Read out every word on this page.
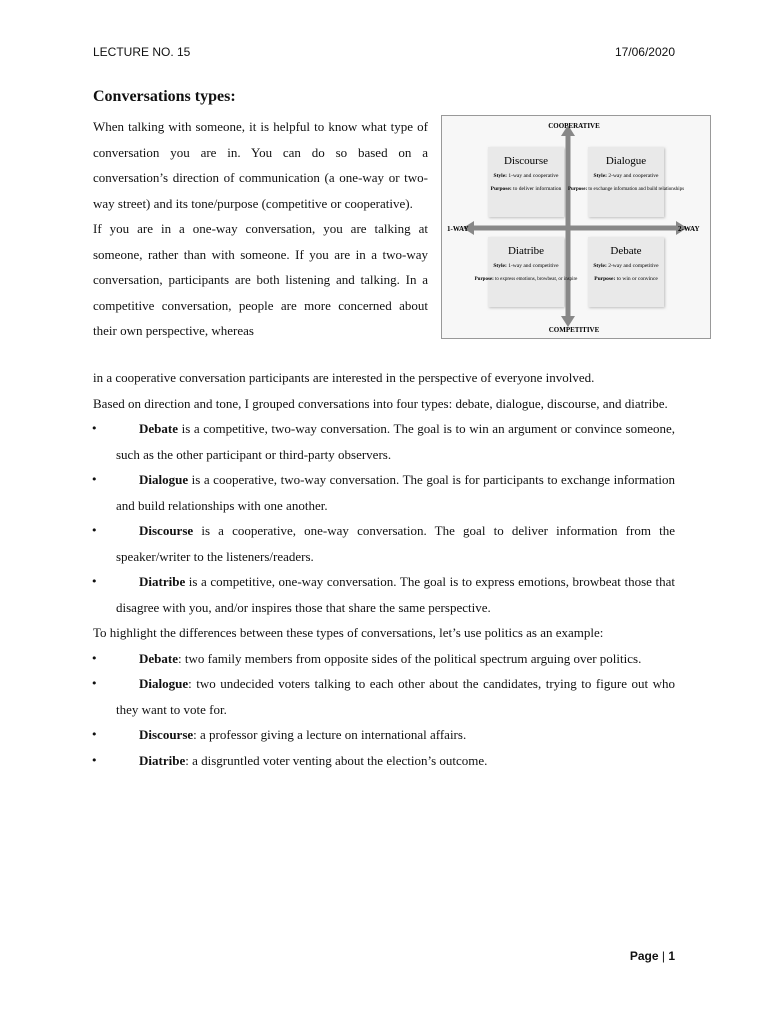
LECTURE NO. 15	17/06/2020
Conversations types:

When talking with someone, it is helpful to know what type of conversation you are in. You can do so based on a conversation’s direction of communication (a one-way or two-way street) and its tone/purpose (competitive or cooperative).

If you are in a one-way conversation, you are talking at someone, rather than with someone. If you are in a two-way conversation, participants are both listening and talking. In a competitive conversation, people are more concerned about their own perspective, whereas

COOPERATIVE
COMPETITIVE
1-WAY	2-WAY
Discourse
Style: 1-way and cooperative
Purpose: to deliver information
Dialogue
Style: 2-way and cooperative
Purpose: to exchange information and build relationships
Diatribe
Style: 1-way and competitive
Purpose: to express emotions, browbeat, or inspire
Debate
Style: 2-way and competitive
Purpose: to win or convince

in a cooperative conversation participants are interested in the perspective of everyone involved.

Based on direction and tone, I grouped conversations into four types: debate, dialogue, discourse, and diatribe.

• Debate is a competitive, two-way conversation. The goal is to win an argument or convince someone, such as the other participant or third-party observers.

• Dialogue is a cooperative, two-way conversation. The goal is for participants to exchange information and build relationships with one another.

• Discourse is a cooperative, one-way conversation. The goal to deliver information from the speaker/writer to the listeners/readers.

• Diatribe is a competitive, one-way conversation. The goal is to express emotions, browbeat those that disagree with you, and/or inspires those that share the same perspective.

To highlight the differences between these types of conversations, let’s use politics as an example:

• Debate: two family members from opposite sides of the political spectrum arguing over politics.

• Dialogue: two undecided voters talking to each other about the candidates, trying to figure out who they want to vote for.

• Discourse: a professor giving a lecture on international affairs.

• Diatribe: a disgruntled voter venting about the election’s outcome.

Page | 1
